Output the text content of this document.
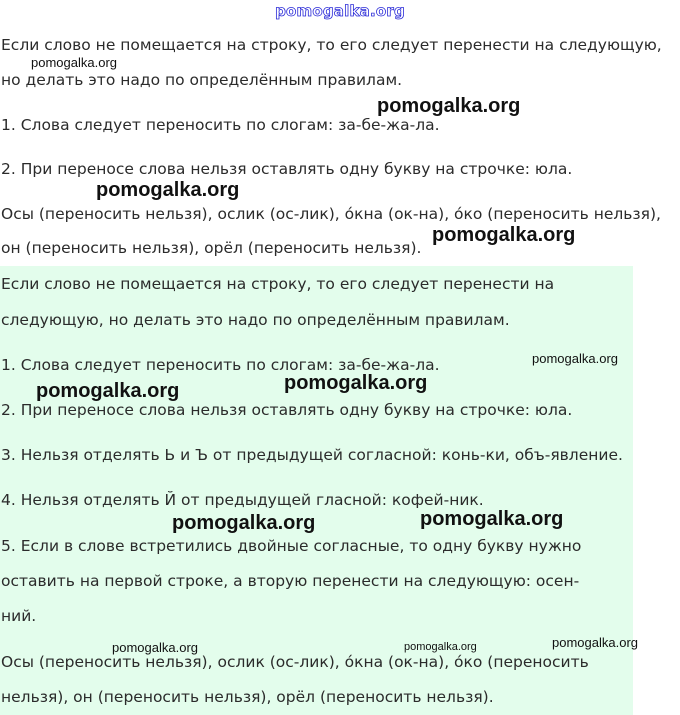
pomogalka.org
Если слово не помещается на строку, то его следует перенести на следующую,
но делать это надо по определённым правилам.
1. Слова следует переносить по слогам: за-бе-жа-ла.
2. При переносе слова нельзя оставлять одну букву на строчке: юла.
Осы (переносить нельзя), ослик (ос-лик), о́кна (ок-на), о́ко (переносить нельзя),
он (переносить нельзя), орёл (переносить нельзя).
Если слово не помещается на строку, то его следует перенести на
следующую, но делать это надо по определённым правилам.
1. Слова следует переносить по слогам: за-бе-жа-ла.
2. При переносе слова нельзя оставлять одну букву на строчке: юла.
3. Нельзя отделять Ь и Ъ от предыдущей согласной: конь-ки, объ-явление.
4. Нельзя отделять Й от предыдущей гласной: кофей-ник.
5. Если в слове встретились двойные согласные, то одну букву нужно
оставить на первой строке, а вторую перенести на следующую: осен-
ний.
Осы (переносить нельзя), ослик (ос-лик), о́кна (ок-на), о́ко (переносить
нельзя), он (переносить нельзя), орёл (переносить нельзя).
pomogalka.org
pomogalka.org
pomogalka.org
pomogalka.org
pomogalka.org
pomogalka.org
pomogalka.org
pomogalka.org
pomogalka.org
pomogalka.org
pomogalka.org	pomogalka.org
